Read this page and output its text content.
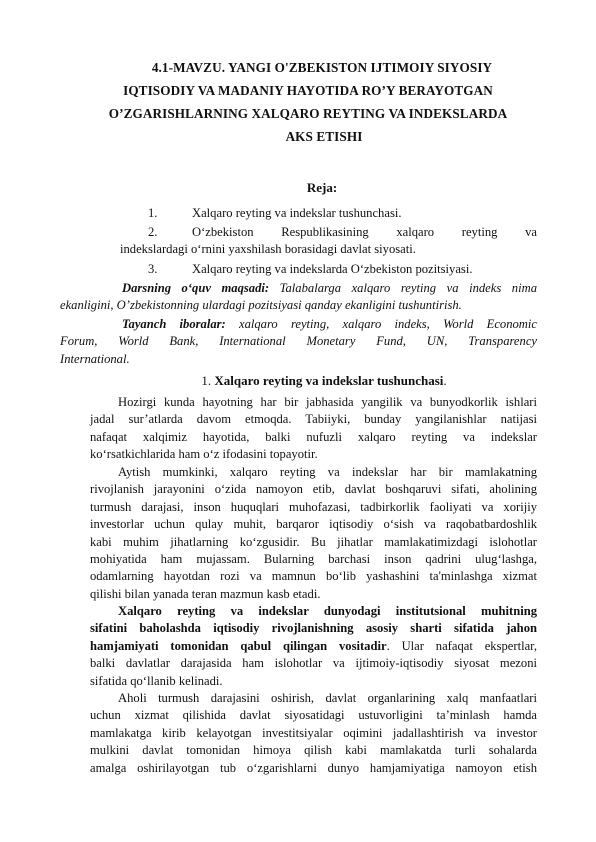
4.1-MAVZU. YANGI O'ZBEKISTON IJTIMOIY SIYOSIY
IQTISODIY VA MADANIY HAYOTIDA RO’Y BERAYOTGAN
O’ZGARISHLARNING XALQARO REYTING VA INDEKSLARDA
AKS ETISHI
Reja:
1.	Xalqaro reyting va indekslar tushunchasi.
2.	O‘zbekiston Respublikasining xalqaro reyting va
indekslardagi o‘rnini yaxshilash borasidagi davlat siyosati.
3.	Xalqaro reyting va indekslarda O‘zbekiston pozitsiyasi.
Darsning o‘quv maqsadi: Talabalarga xalqaro reyting va indeks nima
ekanligini, O’zbekistonning ulardagi pozitsiyasi qanday ekanligini tushuntirish.
Tayanch iboralar: xalqaro reyting, xalqaro indeks, World Economic
Forum, World Bank, International Monetary Fund, UN, Transparency
International.
1. Xalqaro reyting va indekslar tushunchasi.
Hozirgi kunda hayotning har bir jabhasida yangilik va bunyodkorlik ishlari
jadal sur’atlarda davom etmoqda. Tabiiyki, bunday yangilanishlar natijasi
nafaqat xalqimiz hayotida, balki nufuzli xalqaro reyting va indekslar
ko‘rsatkichlarida ham o‘z ifodasini topayotir.
Aytish mumkinki, xalqaro reyting va indekslar har bir mamlakatning
rivojlanish jarayonini o‘zida namoyon etib, davlat boshqaruvi sifati, aholining
turmush darajasi, inson huquqlari muhofazasi, tadbirkorlik faoliyati va xorijiy
investorlar uchun qulay muhit, barqaror iqtisodiy o‘sish va raqobatbardoshlik
kabi muhim jihatlarning ko‘zgusidir. Bu jihatlar mamlakatimizdagi islohotlar
mohiyatida ham mujassam. Bularning barchasi inson qadrini ulug‘lashga,
odamlarning hayotdan rozi va mamnun bo‘lib yashashini ta'minlashga xizmat
qilishi bilan yanada teran mazmun kasb etadi.
Xalqaro reyting va indekslar dunyodagi institutsional muhitning
sifatini baholashda iqtisodiy rivojlanishning asosiy sharti sifatida jahon
hamjamiyati tomonidan qabul qilingan vositadir. Ular nafaqat ekspertlar,
balki davlatlar darajasida ham islohotlar va ijtimoiy-iqtisodiy siyosat mezoni
sifatida qo‘llanib kelinadi.
Aholi turmush darajasini oshirish, davlat organlarining xalq manfaatlari
uchun xizmat qilishida davlat siyosatidagi ustuvorligini ta’minlash hamda
mamlakatga kirib kelayotgan investitsiyalar oqimini jadallashtirish va investor
mulkini davlat tomonidan himoya qilish kabi mamlakatda turli sohalarda
amalga oshirilayotgan tub o‘zgarishlarni dunyo hamjamiyatiga namoyon etish
